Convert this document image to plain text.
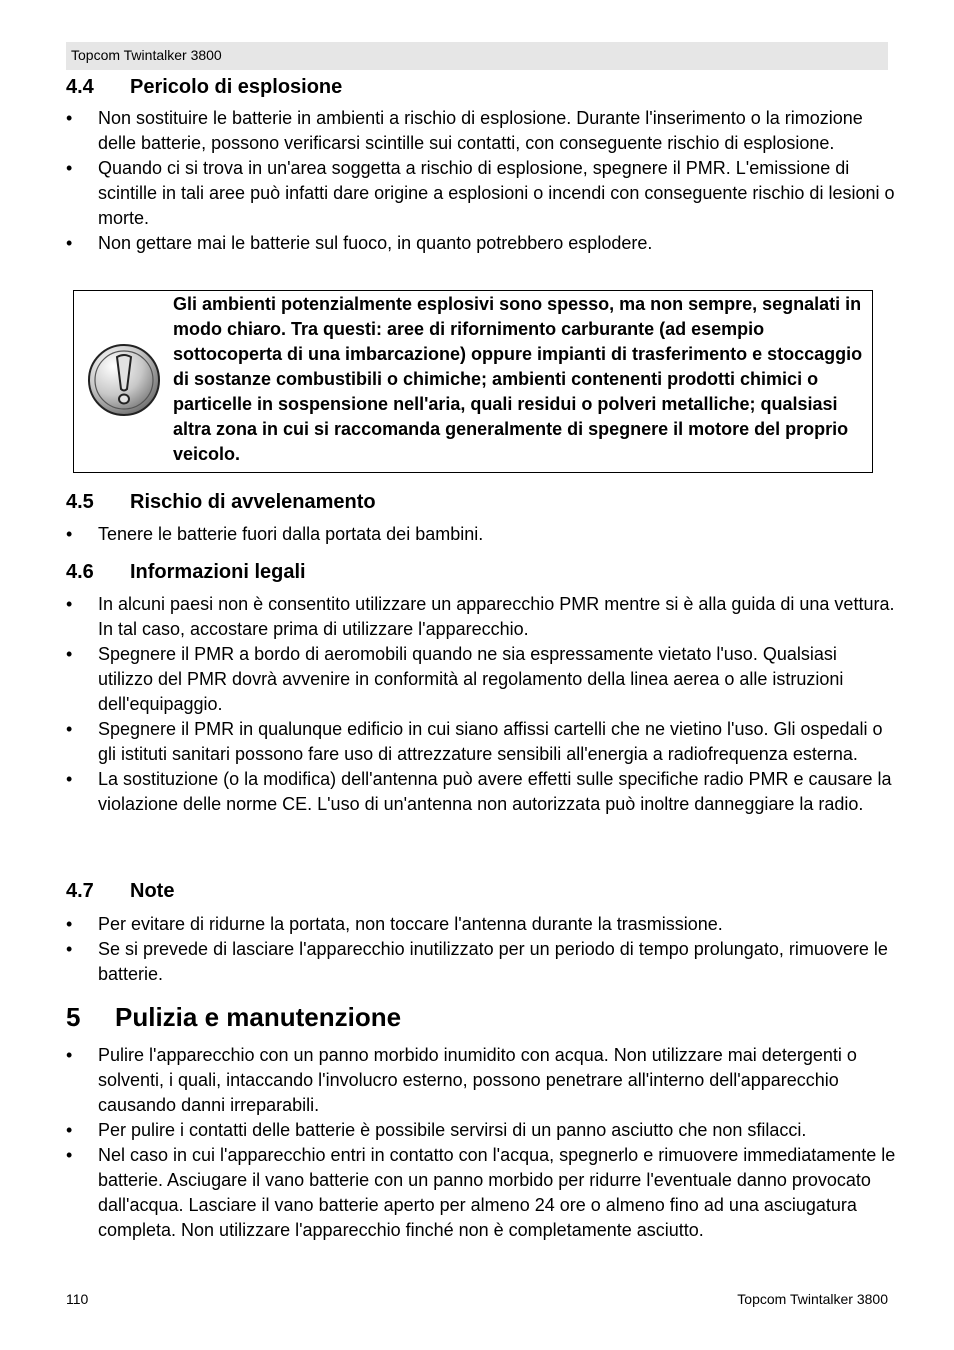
Topcom Twintalker 3800
4.4 Pericolo di esplosione
•	Non sostituire le batterie in ambienti a rischio di esplosione. Durante l'inserimento o la rimozione delle batterie, possono verificarsi scintille sui contatti, con conseguente rischio di esplosione.
•	Quando ci si trova in un'area soggetta a rischio di esplosione, spegnere il PMR. L'emissione di scintille in tali aree può infatti dare origine a esplosioni o incendi con conseguente rischio di lesioni o morte.
•	Non gettare mai le batterie sul fuoco, in quanto potrebbero esplodere.
Gli ambienti potenzialmente esplosivi sono spesso, ma non sempre, segnalati in modo chiaro. Tra questi: aree di rifornimento carburante (ad esempio sottocoperta di una imbarcazione) oppure impianti di trasferimento e stoccaggio di sostanze combustibili o chimiche; ambienti contenenti prodotti chimici o particelle in sospensione nell'aria, quali residui o polveri metalliche; qualsiasi altra zona in cui si raccomanda generalmente di spegnere il motore del proprio veicolo.
4.5 Rischio di avvelenamento
•	Tenere le batterie fuori dalla portata dei bambini.
4.6 Informazioni legali
•	In alcuni paesi non è consentito utilizzare un apparecchio PMR mentre si è alla guida di una vettura. In tal caso, accostare prima di utilizzare l'apparecchio.
•	Spegnere il PMR a bordo di aeromobili quando ne sia espressamente vietato l'uso. Qualsiasi utilizzo del PMR dovrà avvenire in conformità al regolamento della linea aerea o alle istruzioni dell'equipaggio.
•	Spegnere il PMR in qualunque edificio in cui siano affissi cartelli che ne vietino l'uso. Gli ospedali o gli istituti sanitari possono fare uso di attrezzature sensibili all'energia a radiofrequenza esterna.
•	La sostituzione (o la modifica) dell'antenna può avere effetti sulle specifiche radio PMR e causare la violazione delle norme CE. L'uso di un'antenna non autorizzata può inoltre danneggiare la radio.
4.7 Note
•	Per evitare di ridurne la portata, non toccare l'antenna durante la trasmissione.
•	Se si prevede di lasciare l'apparecchio inutilizzato per un periodo di tempo prolungato, rimuovere le batterie.
5 Pulizia e manutenzione
•	Pulire l'apparecchio con un panno morbido inumidito con acqua. Non utilizzare mai detergenti o solventi, i quali, intaccando l'involucro esterno, possono penetrare all'interno dell'apparecchio causando danni irreparabili.
•	Per pulire i contatti delle batterie è possibile servirsi di un panno asciutto che non sfilacci.
•	Nel caso in cui l'apparecchio entri in contatto con l'acqua, spegnerlo e rimuovere immediatamente le batterie. Asciugare il vano batterie con un panno morbido per ridurre l'eventuale danno provocato dall'acqua. Lasciare il vano batterie aperto per almeno 24 ore o almeno fino ad una asciugatura completa. Non utilizzare l'apparecchio finché non è completamente asciutto.
110	Topcom Twintalker 3800
